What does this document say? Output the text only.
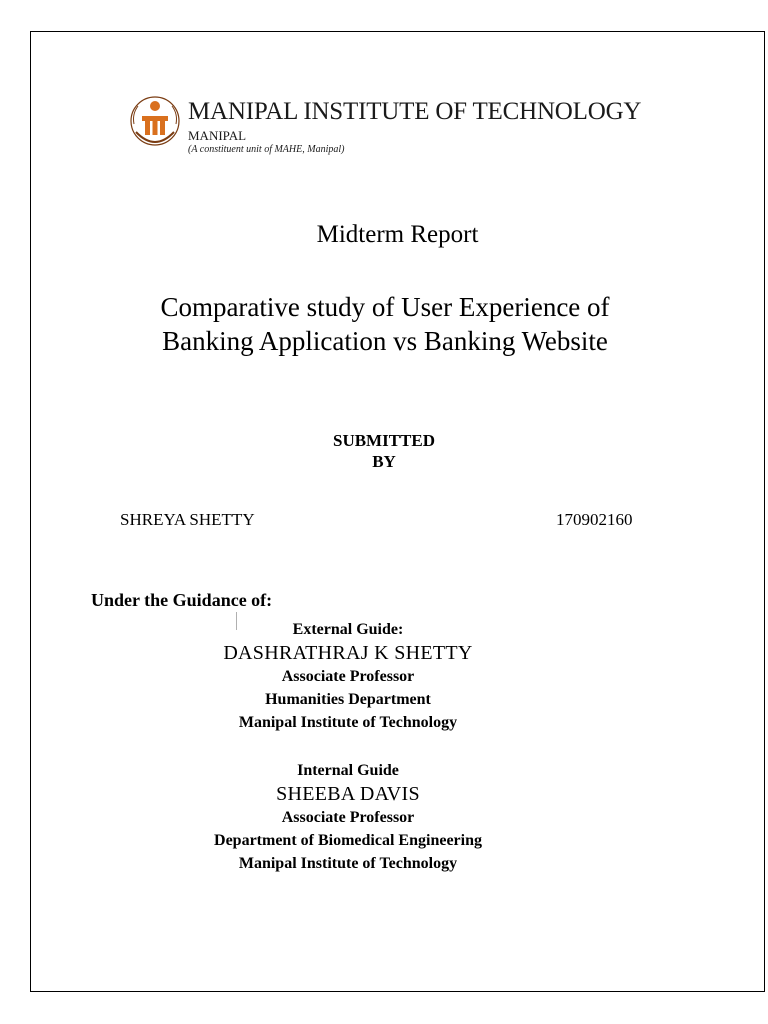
MANIPAL INSTITUTE OF TECHNOLOGY
MANIPAL
(A constituent unit of MAHE, Manipal)
Midterm Report
Comparative study of User Experience of
Banking Application vs Banking Website
SUBMITTED
BY
SHREYA SHETTY	170902160
Under the Guidance of:
External Guide:
DASHRATHRAJ K SHETTY
Associate Professor
Humanities Department
Manipal Institute of Technology
Internal Guide
SHEEBA DAVIS
Associate Professor
Department of Biomedical Engineering
Manipal Institute of Technology
